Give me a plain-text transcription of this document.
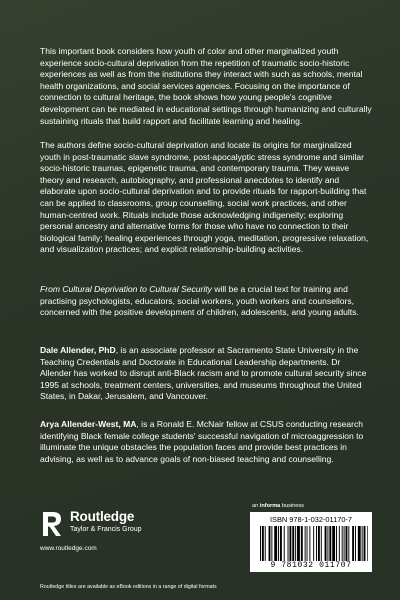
This important book considers how youth of color and other marginalized youth experience socio-cultural deprivation from the repetition of traumatic socio-historic experiences as well as from the institutions they interact with such as schools, mental health organizations, and social services agencies. Focusing on the importance of connection to cultural heritage, the book shows how young people's cognitive development can be mediated in educational settings through humanizing and culturally sustaining rituals that build rapport and facilitate learning and healing.

The authors define socio-cultural deprivation and locate its origins for marginalized youth in post-traumatic slave syndrome, post-apocalyptic stress syndrome and similar socio-historic traumas, epigenetic trauma, and contemporary trauma. They weave theory and research, autobiography, and professional anecdotes to identify and elaborate upon socio-cultural deprivation and to provide rituals for rapport-building that can be applied to classrooms, group counselling, social work practices, and other human-centred work. Rituals include those acknowledging indigeneity; exploring personal ancestry and alternative forms for those who have no connection to their biological family; healing experiences through yoga, meditation, progressive relaxation, and visualization practices; and explicit relationship-building activities.

From Cultural Deprivation to Cultural Security will be a crucial text for training and practising psychologists, educators, social workers, youth workers and counsellors, concerned with the positive development of children, adolescents, and young adults.

Dale Allender, PhD, is an associate professor at Sacramento State University in the Teaching Credentials and Doctorate in Educational Leadership departments. Dr Allender has worked to disrupt anti-Black racism and to promote cultural security since 1995 at schools, treatment centers, universities, and museums throughout the United States, in Dakar, Jerusalem, and Vancouver.

Arya Allender-West, MA, is a Ronald E. McNair fellow at CSUS conducting research identifying Black female college students' successful navigation of microaggression to illuminate the unique obstacles the population faces and provide best practices in advising, as well as to advance goals of non-biased teaching and counselling.

Routledge
Taylor & Francis Group
www.routledge.com
an informa business
ISBN 978-1-032-01170-7
9 781032 011707
Routledge titles are available as eBook editions in a range of digital formats
